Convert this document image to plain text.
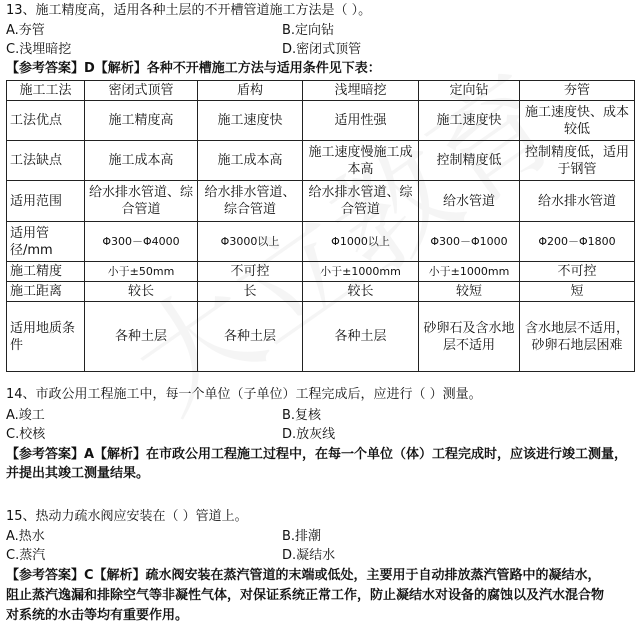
13、施工精度高，适用各种土层的不开槽管道施工方法是（ ）。
A.夯管	B.定向钻
C.浅埋暗挖	D.密闭式顶管
【参考答案】D【解析】各种不开槽施工方法与适用条件见下表：
施工工法	密闭式顶管	盾构	浅埋暗挖	定向钻	夯管
工法优点	施工精度高	施工速度快	适用性强	施工速度快	施工速度快、成本较低
工法缺点	施工成本高	施工成本高	施工速度慢施工成本高	控制精度低	控制精度低，适用于钢管
适用范围	给水排水管道、综合管道	给水排水管道、综合管道	给水排水管道、综合管道	给水管道	给水排水管道
适用管径/mm	Φ300－Φ4000	Φ3000以上	Φ1000以上	Φ300－Φ1000	Φ200－Φ1800
施工精度	小于±50mm	不可控	小于±1000mm	小于±1000mm	不可控
施工距离	较长	长	较长	较短	短
适用地质条件	各种土层	各种土层	各种土层	砂卵石及含水地层不适用	含水地层不适用，砂卵石地层困难
14、市政公用工程施工中，每一个单位（子单位）工程完成后，应进行（ ）测量。
A.竣工	B.复核
C.校核	D.放灰线
【参考答案】A【解析】在市政公用工程施工过程中，在每一个单位（体）工程完成时，应该进行竣工测量，
并提出其竣工测量结果。
15、热动力疏水阀应安装在（ ）管道上。
A.热水	B.排潮
C.蒸汽	D.凝结水
【参考答案】C【解析】疏水阀安装在蒸汽管道的末端或低处，主要用于自动排放蒸汽管路中的凝结水，
阻止蒸汽逸漏和排除空气等非凝性气体，对保证系统正常工作，防止凝结水对设备的腐蚀以及汽水混合物
对系统的水击等均有重要作用。
